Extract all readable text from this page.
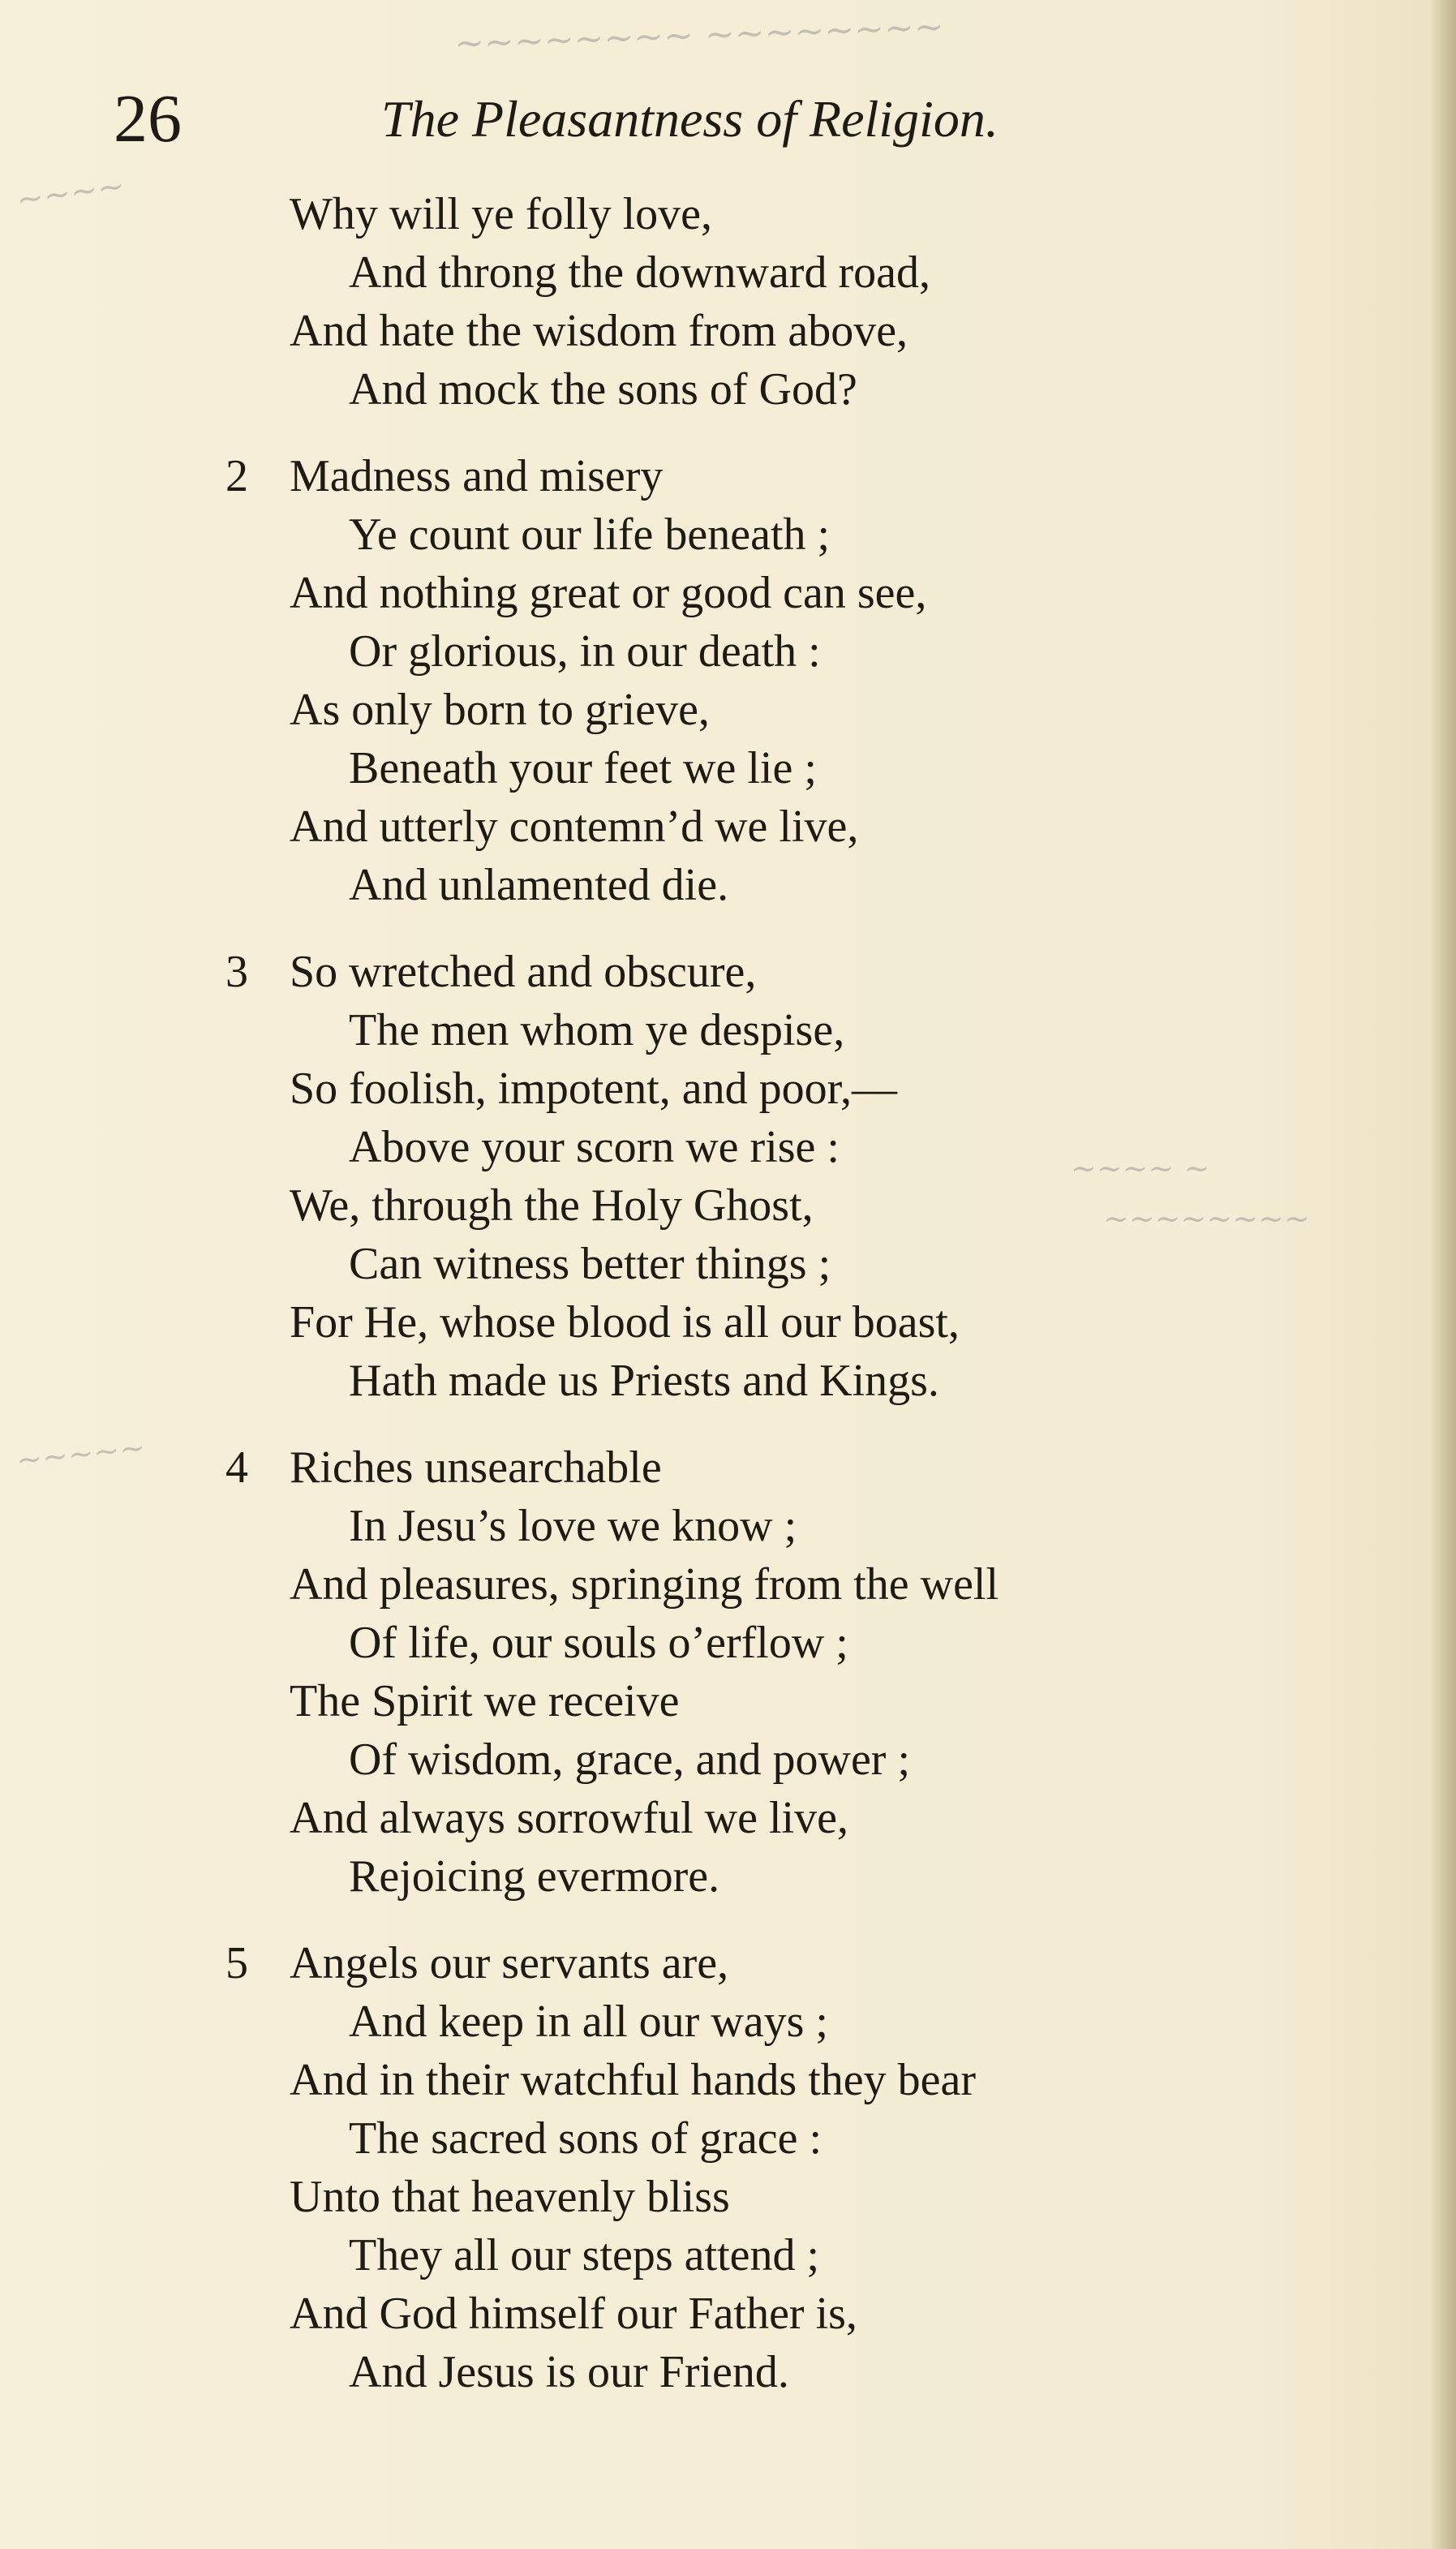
~~~~~~~~ ~~~~~~~~
~~~~
~~~~ ~
~~~~~~~~
~~~~~
26	The Pleasantness of Religion.
Why will ye folly love,
And throng the downward road,
And hate the wisdom from above,
And mock the sons of God?
2 Madness and misery
Ye count our life beneath ;
And nothing great or good can see,
Or glorious, in our death :
As only born to grieve,
Beneath your feet we lie ;
And utterly contemn’d we live,
And unlamented die.
3 So wretched and obscure,
The men whom ye despise,
So foolish, impotent, and poor,—
Above your scorn we rise :
We, through the Holy Ghost,
Can witness better things ;
For He, whose blood is all our boast,
Hath made us Priests and Kings.
4 Riches unsearchable
In Jesu’s love we know ;
And pleasures, springing from the well
Of life, our souls o’erflow ;
The Spirit we receive
Of wisdom, grace, and power ;
And always sorrowful we live,
Rejoicing evermore.
5 Angels our servants are,
And keep in all our ways ;
And in their watchful hands they bear
The sacred sons of grace :
Unto that heavenly bliss
They all our steps attend ;
And God himself our Father is,
And Jesus is our Friend.
